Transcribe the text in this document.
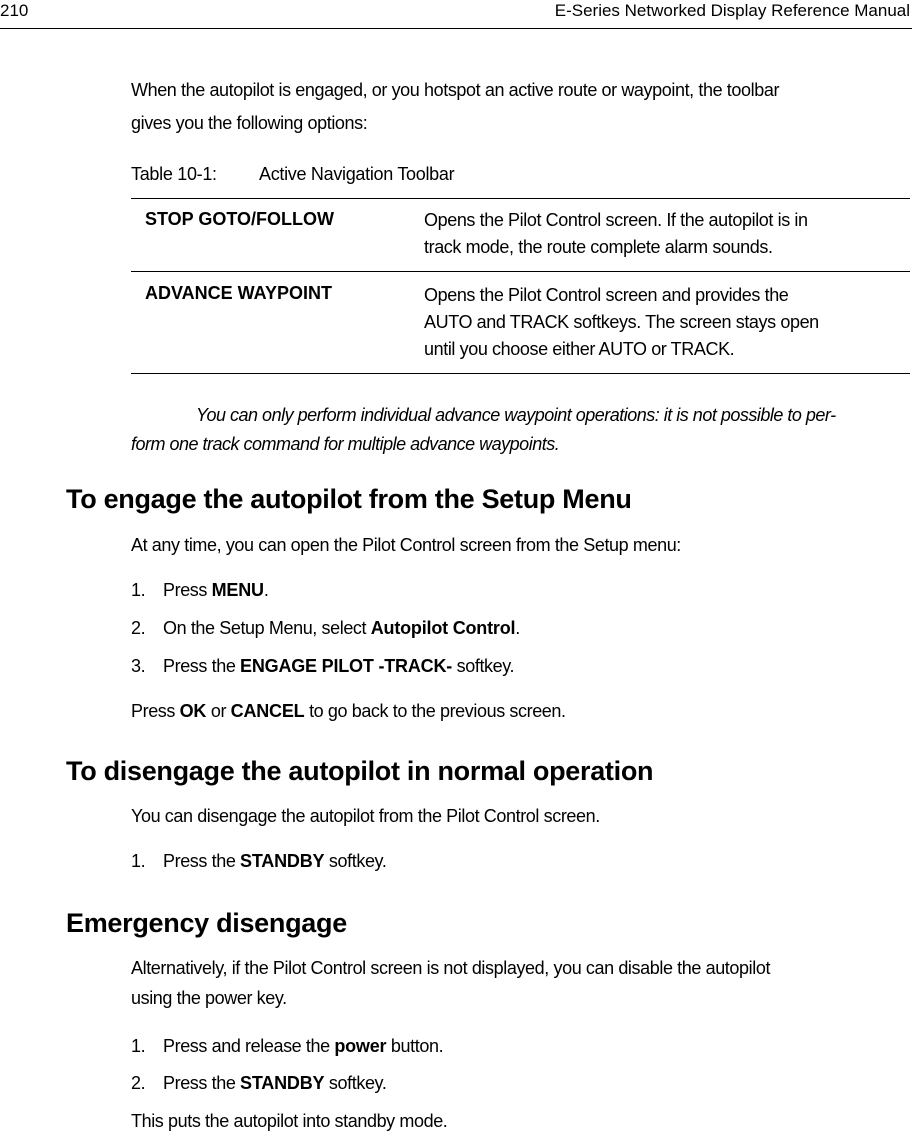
210	E-Series Networked Display Reference Manual
When the autopilot is engaged, or you hotspot an active route or waypoint, the toolbar
gives you the following options:
Table 10-1: Active Navigation Toolbar
STOP GOTO/FOLLOW	Opens the Pilot Control screen. If the autopilot is in
track mode, the route complete alarm sounds.
ADVANCE WAYPOINT	Opens the Pilot Control screen and provides the
AUTO and TRACK softkeys. The screen stays open
until you choose either AUTO or TRACK.
You can only perform individual advance waypoint operations: it is not possible to per-
form one track command for multiple advance waypoints.
To engage the autopilot from the Setup Menu
At any time, you can open the Pilot Control screen from the Setup menu:
1. Press MENU.
2. On the Setup Menu, select Autopilot Control.
3. Press the ENGAGE PILOT -TRACK- softkey.
Press OK or CANCEL to go back to the previous screen.
To disengage the autopilot in normal operation
You can disengage the autopilot from the Pilot Control screen.
1. Press the STANDBY softkey.
Emergency disengage
Alternatively, if the Pilot Control screen is not displayed, you can disable the autopilot
using the power key.
1. Press and release the power button.
2. Press the STANDBY softkey.
This puts the autopilot into standby mode.
